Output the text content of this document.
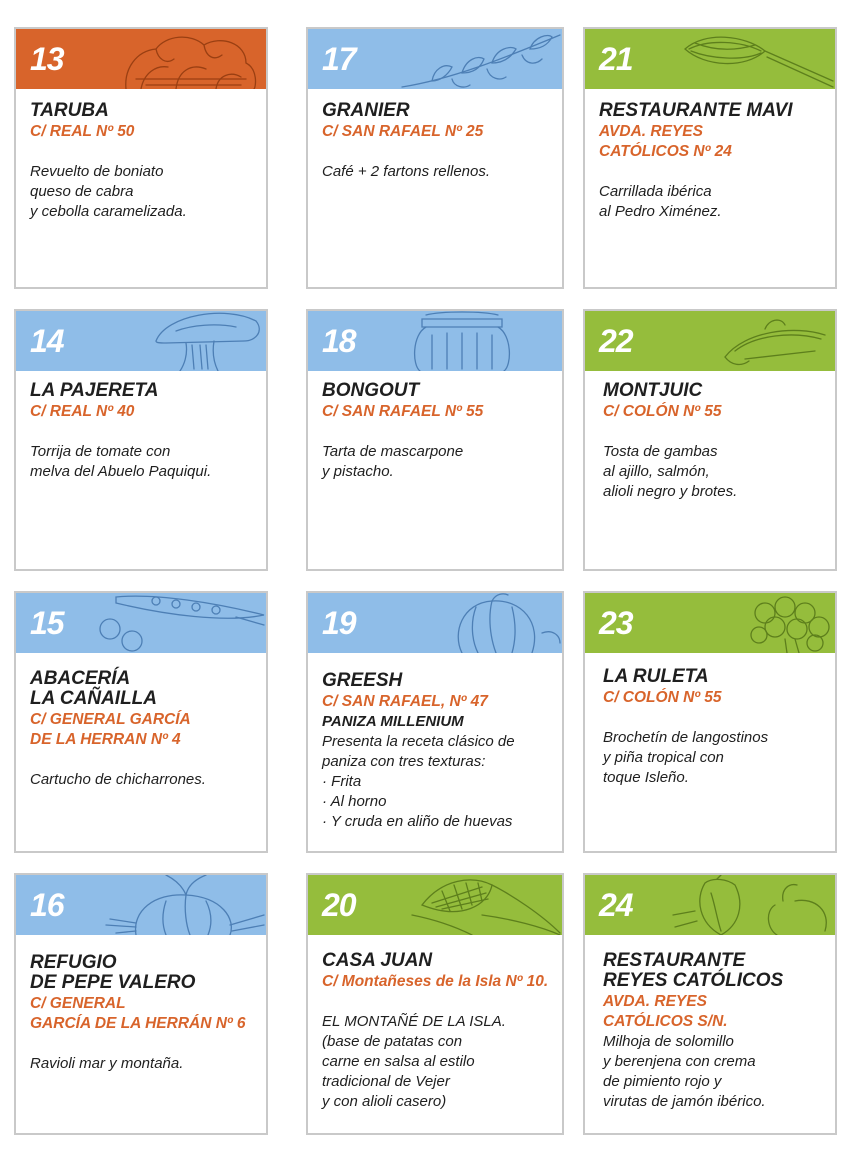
13
TARUBA
C/ REAL Nº 50
Revuelto de boniato
queso de cabra
y cebolla caramelizada.
17
GRANIER
C/ SAN RAFAEL Nº 25
Café + 2 fartons rellenos.
21
RESTAURANTE MAVI
AVDA. REYES
CATÓLICOS Nº 24
Carrillada ibérica
al Pedro Ximénez.
14
LA PAJERETA
C/ REAL Nº 40
Torrija de tomate con
melva del Abuelo Paquiqui.
18
BONGOUT
C/ SAN RAFAEL Nº 55
Tarta de mascarpone
y pistacho.
22
MONTJUIC
C/ COLÓN Nº 55
Tosta de gambas
al ajillo, salmón,
alioli negro y brotes.
15
ABACERÍA
LA CAÑAILLA
C/ GENERAL GARCÍA
DE LA HERRAN Nº 4
Cartucho de chicharrones.
19
GREESH
C/ SAN RAFAEL, Nº 47
PANIZA MILLENIUM
Presenta la receta clásico de
paniza con tres texturas:
· Frita
· Al horno
· Y cruda en aliño de huevas
23
LA RULETA
C/ COLÓN Nº 55
Brochetín de langostinos
y piña tropical con
toque Isleño.
16
REFUGIO
DE PEPE VALERO
C/ GENERAL
GARCÍA DE LA HERRÁN Nº 6
Ravioli mar y montaña.
20
CASA JUAN
C/ Montañeses de la Isla Nº 10.
EL MONTAÑÉ DE LA ISLA.
(base de patatas con
carne en salsa al estilo
tradicional de Vejer
y con alioli casero)
24
RESTAURANTE
REYES CATÓLICOS
AVDA. REYES
CATÓLICOS S/N.
Milhoja de solomillo
y berenjena con crema
de pimiento rojo y
virutas de jamón ibérico.
